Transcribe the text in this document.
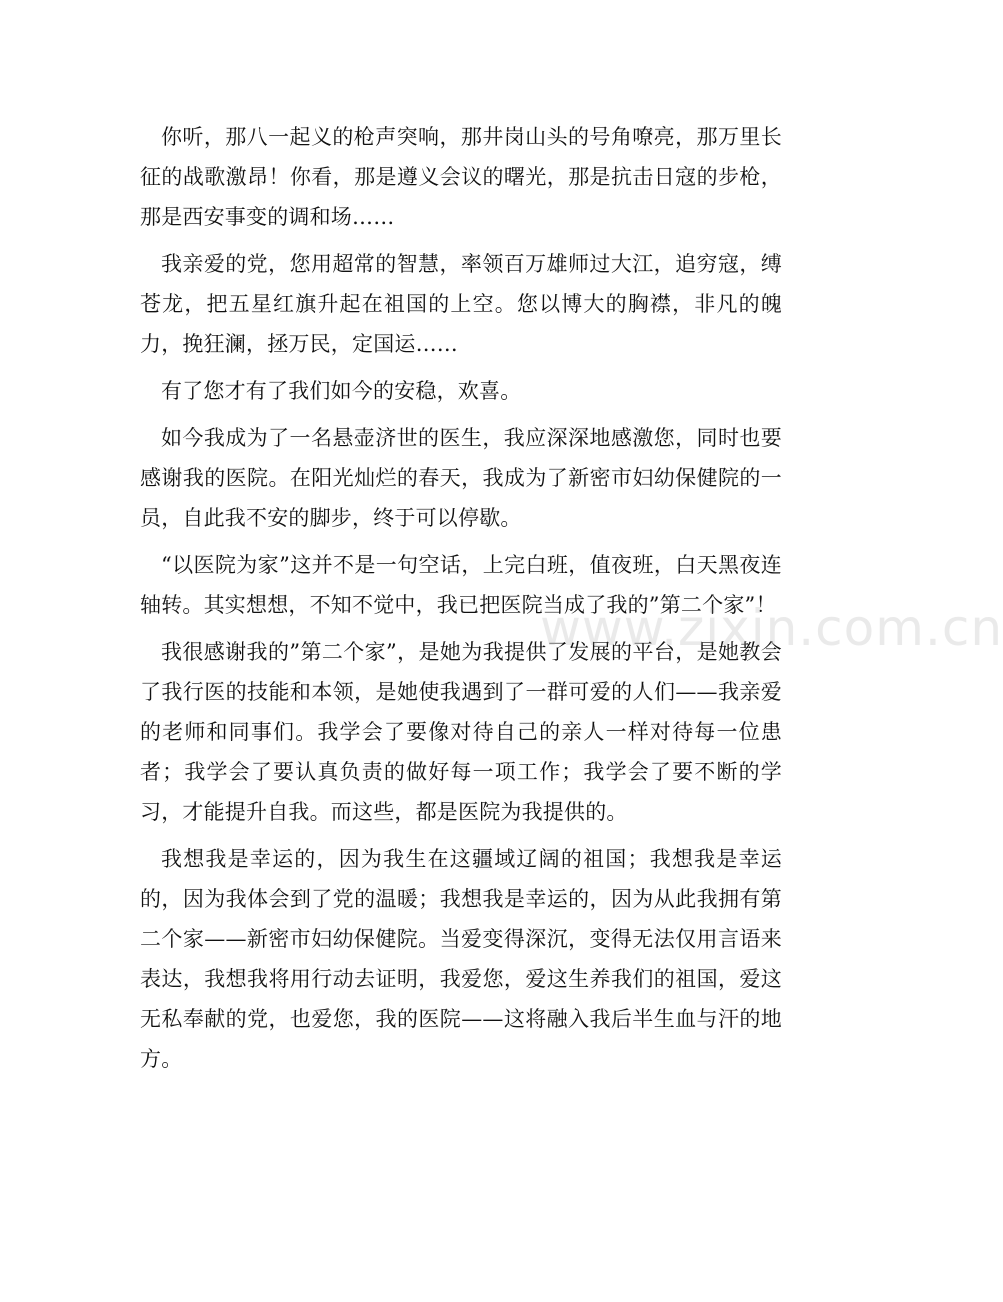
你听，那八一起义的枪声突响，那井岗山头的号角嘹亮，那万里长征的战歌激昂！你看，那是遵义会议的曙光，那是抗击日寇的步枪，那是西安事变的调和场……

我亲爱的党，您用超常的智慧，率领百万雄师过大江，追穷寇，缚苍龙，把五星红旗升起在祖国的上空。您以博大的胸襟，非凡的魄力，挽狂澜，拯万民，定国运……

有了您才有了我们如今的安稳，欢喜。

如今我成为了一名悬壶济世的医生，我应深深地感激您，同时也要感谢我的医院。在阳光灿烂的春天，我成为了新密市妇幼保健院的一员，自此我不安的脚步，终于可以停歇。

“以医院为家”这并不是一句空话，上完白班，值夜班，白天黑夜连轴转。其实想想，不知不觉中，我已把医院当成了我的”第二个家”！

我很感谢我的”第二个家”，是她为我提供了发展的平台，是她教会了我行医的技能和本领，是她使我遇到了一群可爱的人们——我亲爱的老师和同事们。我学会了要像对待自己的亲人一样对待每一位患者；我学会了要认真负责的做好每一项工作；我学会了要不断的学习，才能提升自我。而这些，都是医院为我提供的。

我想我是幸运的，因为我生在这疆域辽阔的祖国；我想我是幸运的，因为我体会到了党的温暖；我想我是幸运的，因为从此我拥有第二个家——新密市妇幼保健院。当爱变得深沉，变得无法仅用言语来表达，我想我将用行动去证明，我爱您，爱这生养我们的祖国，爱这无私奉献的党，也爱您，我的医院——这将融入我后半生血与汗的地方。

www.zixin.com.cn
